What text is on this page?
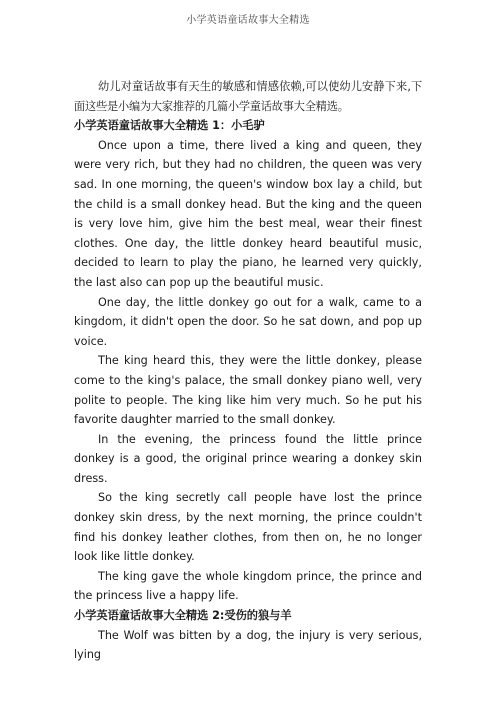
小学英语童话故事大全精选

幼儿对童话故事有天生的敏感和情感依赖,可以使幼儿安静下来,下面这些是小编为大家推荐的几篇小学童话故事大全精选。

小学英语童话故事大全精选 1：小毛驴

Once upon a time, there lived a king and queen, they were very rich, but they had no children, the queen was very sad. In one morning, the queen's window box lay a child, but the child is a small donkey head. But the king and the queen is very love him, give him the best meal, wear their finest clothes. One day, the little donkey heard beautiful music, decided to learn to play the piano, he learned very quickly, the last also can pop up the beautiful music.

One day, the little donkey go out for a walk, came to a kingdom, it didn't open the door. So he sat down, and pop up voice.

The king heard this, they were the little donkey, please come to the king's palace, the small donkey piano well, very polite to people. The king like him very much. So he put his favorite daughter married to the small donkey.

In the evening, the princess found the little prince donkey is a good, the original prince wearing a donkey skin dress.

So the king secretly call people have lost the prince donkey skin dress, by the next morning, the prince couldn't find his donkey leather clothes, from then on, he no longer look like little donkey.

The king gave the whole kingdom prince, the prince and the princess live a happy life.

小学英语童话故事大全精选 2:受伤的狼与羊

The Wolf was bitten by a dog, the injury is very serious, lying
